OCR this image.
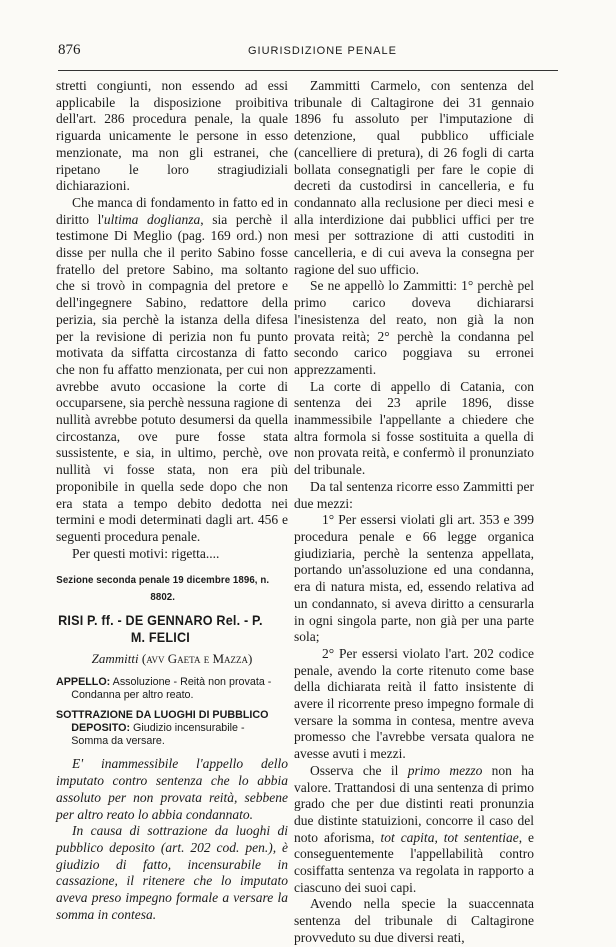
876	GIURISDIZIONE PENALE

stretti congiunti, non essendo ad essi applicabile la disposizione proibitiva dell'art. 286 procedura penale, la quale riguarda unicamente le persone in esso menzionate, ma non gli estranei, che ripetano le loro stragiudiziali dichiarazioni.

Che manca di fondamento in fatto ed in diritto l'ultima doglianza, sia perchè il testimone Di Meglio (pag. 169 ord.) non disse per nulla che il perito Sabino fosse fratello del pretore Sabino, ma soltanto che si trovò in compagnia del pretore e dell'ingegnere Sabino, redattore della perizia, sia perchè la istanza della difesa per la revisione di perizia non fu punto motivata da siffatta circostanza di fatto che non fu affatto menzionata, per cui non avrebbe avuto occasione la corte di occuparsene, sia perchè nessuna ragione di nullità avrebbe potuto desumersi da quella circostanza, ove pure fosse stata sussistente, e sia, in ultimo, perchè, ove nullità vi fosse stata, non era più proponibile in quella sede dopo che non era stata a tempo debito dedotta nei termini e modi determinati dagli art. 456 e seguenti procedura penale.

Per questi motivi: rigetta....

Sezione seconda penale 19 dicembre 1896, n. 8802.
RISI P. ff. - DE GENNARO Rel. - P. M. FELICI
Zammitti (avv Gaeta e Mazza)
APPELLO: Assoluzione - Reità non provata - Condanna per altro reato.
SOTTRAZIONE DA LUOGHI DI PUBBLICO DEPOSITO: Giudizio incensurabile - Somma da versare.

E' inammessibile l'appello dello imputato contro sentenza che lo abbia assoluto per non provata reità, sebbene per altro reato lo abbia condannato.

In causa di sottrazione da luoghi di pubblico deposito (art. 202 cod. pen.), è giudizio di fatto, incensurabile in cassazione, il ritenere che lo imputato aveva preso impegno formale a versare la somma in contesa.

Zammitti Carmelo, con sentenza del tribunale di Caltagirone dei 31 gennaio 1896 fu assoluto per l'imputazione di detenzione, qual pubblico ufficiale (cancelliere di pretura), di 26 fogli di carta bollata consegnatigli per fare le copie di decreti da custodirsi in cancelleria, e fu condannato alla reclusione per dieci mesi e alla interdizione dai pubblici uffici per tre mesi per sottrazione di atti custoditi in cancelleria, e di cui aveva la consegna per ragione del suo ufficio.

Se ne appellò lo Zammitti: 1° perchè pel primo carico doveva dichiararsi l'inesistenza del reato, non già la non provata reità; 2° perchè la condanna pel secondo carico poggiava su erronei apprezzamenti.

La corte di appello di Catania, con sentenza dei 23 aprile 1896, disse inammessibile l'appellante a chiedere che altra formola si fosse sostituita a quella di non provata reità, e confermò il pronunziato del tribunale.

Da tal sentenza ricorre esso Zammitti per due mezzi:

1° Per essersi violati gli art. 353 e 399 procedura penale e 66 legge organica giudiziaria, perchè la sentenza appellata, portando un'assoluzione ed una condanna, era di natura mista, ed, essendo relativa ad un condannato, si aveva diritto a censurarla in ogni singola parte, non già per una parte sola;

2° Per essersi violato l'art. 202 codice penale, avendo la corte ritenuto come base della dichiarata reità il fatto insistente di avere il ricorrente preso impegno formale di versare la somma in contesa, mentre aveva promesso che l'avrebbe versata qualora ne avesse avuti i mezzi.

Osserva che il primo mezzo non ha valore. Trattandosi di una sentenza di primo grado che per due distinti reati pronunzia due distinte statuizioni, concorre il caso del noto aforisma, tot capita, tot sententiae, e conseguentemente l'appellabilità contro cosiffatta sentenza va regolata in rapporto a ciascuno dei suoi capi.

Avendo nella specie la suaccennata sentenza del tribunale di Caltagirone provveduto su due diversi reati,
